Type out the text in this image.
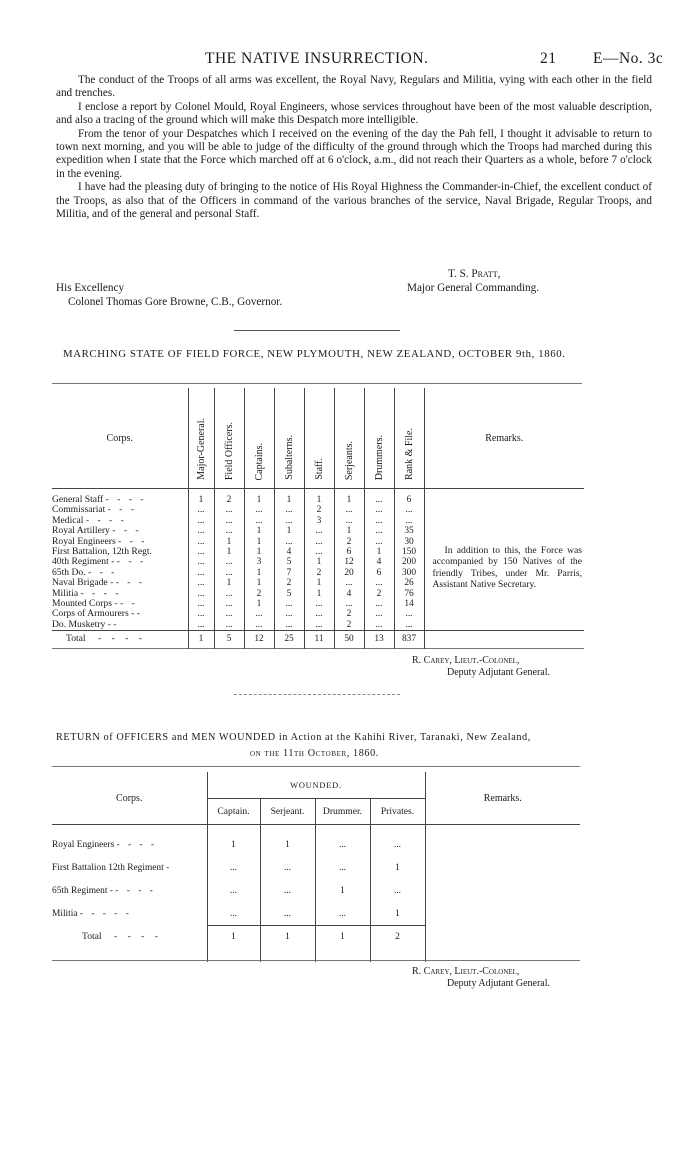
THE NATIVE INSURRECTION.	21 E—No. 3c

The conduct of the Troops of all arms was excellent, the Royal Navy, Regulars and Militia, vying with each other in the field and trenches.

I enclose a report by Colonel Mould, Royal Engineers, whose services throughout have been of the most valuable description, and also a tracing of the ground which will make this Despatch more intelligible.

From the tenor of your Despatches which I received on the evening of the day the Pah fell, I thought it advisable to return to town next morning, and you will be able to judge of the difficulty of the ground through which the Troops had marched during this expedition when I state that the Force which marched off at 6 o'clock, a.m., did not reach their Quarters as a whole, before 7 o'clock in the evening.

I have had the pleasing duty of bringing to the notice of His Royal Highness the Commander-in-Chief, the excellent conduct of the Troops, as also that of the Officers in command of the various branches of the service, Naval Brigade, Regular Troops, and Militia, and of the general and personal Staff.

T. S. Pratt,
Major General Commanding.
His Excellency
Colonel Thomas Gore Browne, C.B., Governor.
MARCHING STATE OF FIELD FORCE, NEW PLYMOUTH, NEW ZEALAND, OCTOBER 9th, 1860.
Corps.	Major-General.	Field Officers.	Captains.	Subalterns.	Staff.	Serjeants.	Drummers.	Rank & File.	Remarks.
General Staff - - - -	1	2	1	1	1	1	...	6	In addition to this, the Force was accompanied by 150 Natives of the friendly Tribes, under Mr. Parris, Assistant Native Secretary.

Commissariat - - -	...	...	...	...	2	...	...	...	
Medical - - - -	...	...	...	...	3	...	...	...	
Royal Artillery - - -	...	...	1	1	...	1	...	35	
Royal Engineers - - -	...	1	1	...	...	2	...	30	
First Battalion, 12th Regt.	...	1	1	4	...	6	1	150	
40th Regiment - - - -	...	...	3	5	1	12	4	200	
65th Do. - - -	...	...	1	7	2	20	6	300	
Naval Brigade - - - -	...	1	1	2	1	...	...	26	
Militia - - - -	...	...	2	5	1	4	2	76	
Mounted Corps - - -	...	...	1	...	...	...	...	14	
Corps of Armourers - -	...	...	...	...	...	2	...	...	
Do. Musketry - -	...	...	...	...	...	2	...	...	
Total - - - -	1	5	12	25	11	50	13	837	

R. Carey, Lieut.-Colonel,
Deputy Adjutant General.
RETURN of OFFICERS and MEN WOUNDED in Action at the Kahihi River, Taranaki, New Zealand,
on the 11th October, 1860.
Corps.	WOUNDED.				Remarks.
	Captain.	Serjeant.	Drummer.	Privates.	
Royal Engineers - - - -	1	1	...	...	
First Battalion 12th Regiment -	...	...	...	1	
65th Regiment - - - - -	...	...	1	...	
Militia - - - - -	...	...	...	1	
Total - - - -	1	1	1	2	

R. Carey, Lieut.-Colonel,
Deputy Adjutant General.
